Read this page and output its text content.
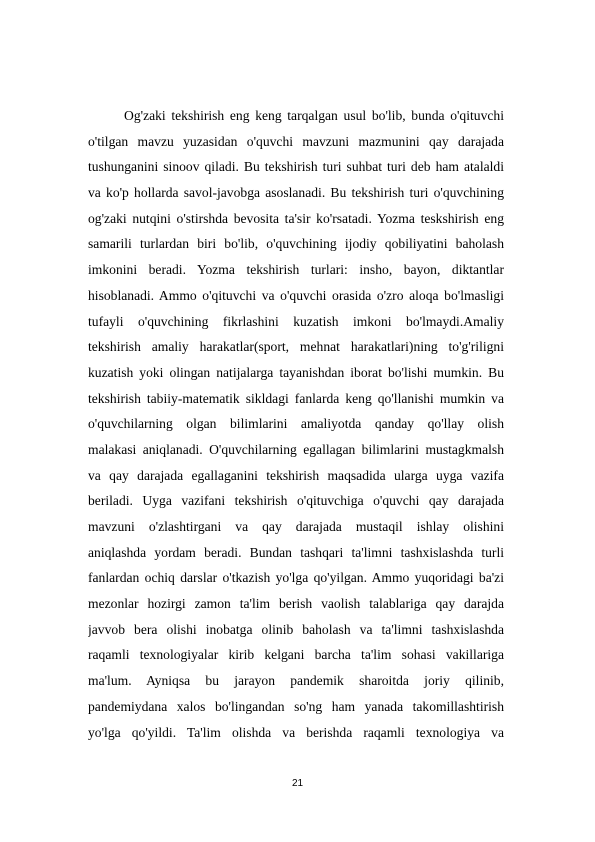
Og'zaki tekshirish eng keng tarqalgan usul bo'lib, bunda o'qituvchi
o'tilgan mavzu yuzasidan o'quvchi mavzuni mazmunini qay darajada
tushunganini sinoov qiladi. Bu tekshirish turi suhbat turi deb ham atalaldi
va ko'p hollarda savol-javobga asoslanadi. Bu tekshirish turi o'quvchining
og'zaki nutqini o'stirshda bevosita ta'sir ko'rsatadi. Yozma teskshirish eng
samarili turlardan biri bo'lib, o'quvchining ijodiy qobiliyatini baholash
imkonini beradi. Yozma tekshirish turlari: insho, bayon, diktantlar
hisoblanadi. Ammo o'qituvchi va o'quvchi orasida o'zro aloqa bo'lmasligi
tufayli o'quvchining fikrlashini kuzatish imkoni bo'lmaydi.Amaliy
tekshirish amaliy harakatlar(sport, mehnat harakatlari)ning to'g'riligni
kuzatish yoki olingan natijalarga tayanishdan iborat bo'lishi mumkin. Bu
tekshirish tabiiy-matematik sikldagi fanlarda keng qo'llanishi mumkin va
o'quvchilarning olgan bilimlarini amaliyotda qanday qo'llay olish
malakasi aniqlanadi. O'quvchilarning egallagan bilimlarini mustagkmalsh
va qay darajada egallaganini tekshirish maqsadida ularga uyga vazifa
beriladi. Uyga vazifani tekshirish o'qituvchiga o'quvchi qay darajada
mavzuni o'zlashtirgani va qay darajada mustaqil ishlay olishini
aniqlashda yordam beradi. Bundan tashqari ta'limni tashxislashda turli
fanlardan ochiq darslar o'tkazish yo'lga qo'yilgan. Ammo yuqoridagi ba'zi
mezonlar hozirgi zamon ta'lim berish vaolish talablariga qay darajda
javvob bera olishi inobatga olinib baholash va ta'limni tashxislashda
raqamli texnologiyalar kirib kelgani barcha ta'lim sohasi vakillariga
ma'lum. Ayniqsa bu jarayon pandemik sharoitda joriy qilinib,
pandemiydana xalos bo'lingandan so'ng ham yanada takomillashtirish
yo'lga qo'yildi. Ta'lim olishda va berishda raqamli texnologiya va
21
